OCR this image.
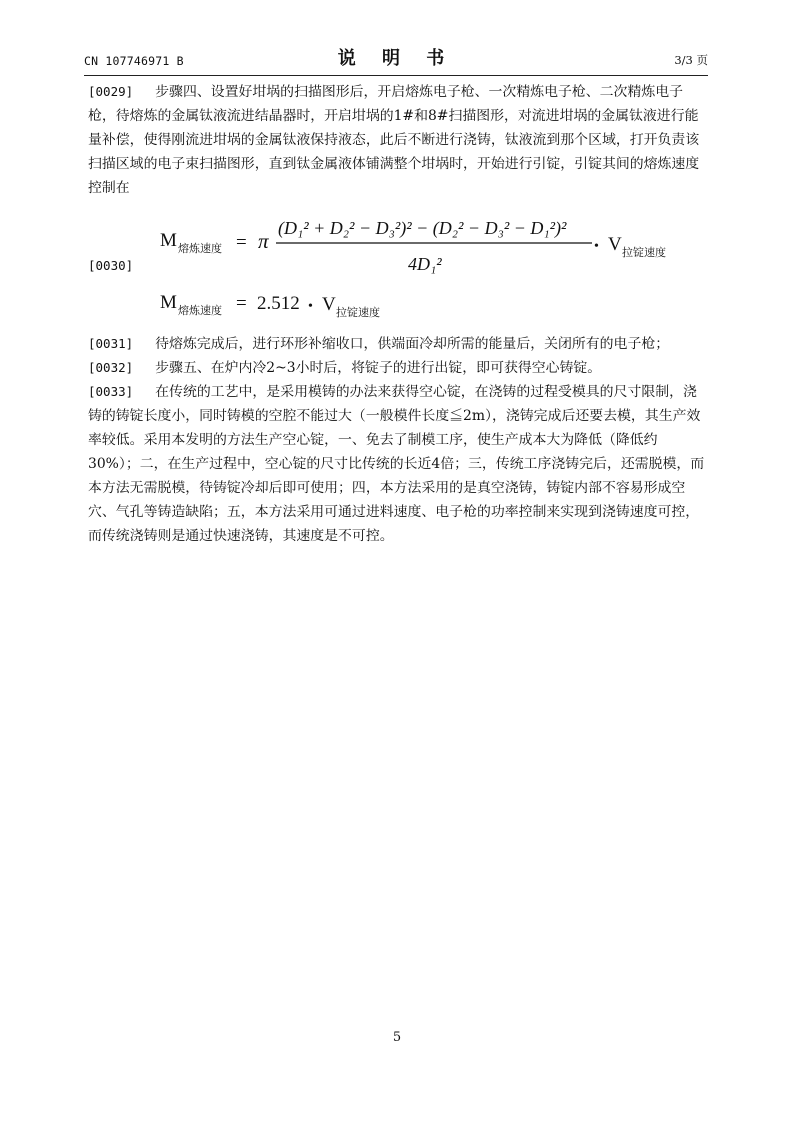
CN 107746971 B	说 明 书	3/3 页

[0029] 步骤四、设置好坩埚的扫描图形后，开启熔炼电子枪、一次精炼电子枪、二次精炼电子枪，待熔炼的金属钛液流进结晶器时，开启坩埚的1#和8#扫描图形，对流进坩埚的金属钛液进行能量补偿，使得刚流进坩埚的金属钛液保持液态，此后不断进行浇铸，钛液流到那个区域，打开负责该扫描区域的电子束扫描图形，直到钛金属液体铺满整个坩埚时，开始进行引锭，引锭其间的熔炼速度控制在

[0030]
M 熔炼速度 = π
(D₁² + D₂² − D₃²)² − (D₂² − D₃² − D₁²)²
4D₁²
• V 拉锭速度
M 熔炼速度 = 2.512 • V 拉锭速度

[0031] 待熔炼完成后，进行环形补缩收口，供端面冷却所需的能量后，关闭所有的电子枪；

[0032] 步骤五、在炉内冷2~3小时后，将锭子的进行出锭，即可获得空心铸锭。

[0033] 在传统的工艺中，是采用模铸的办法来获得空心锭，在浇铸的过程受模具的尺寸限制，浇铸的铸锭长度小，同时铸模的空腔不能过大（一般模件长度≦2m），浇铸完成后还要去模，其生产效率较低。采用本发明的方法生产空心锭，一、免去了制模工序，使生产成本大为降低（降低约30%）；二，在生产过程中，空心锭的尺寸比传统的长近4倍；三，传统工序浇铸完后，还需脱模，而本方法无需脱模，待铸锭冷却后即可使用；四，本方法采用的是真空浇铸，铸锭内部不容易形成空穴、气孔等铸造缺陷；五，本方法采用可通过进料速度、电子枪的功率控制来实现到浇铸速度可控，而传统浇铸则是通过快速浇铸，其速度是不可控。

5
